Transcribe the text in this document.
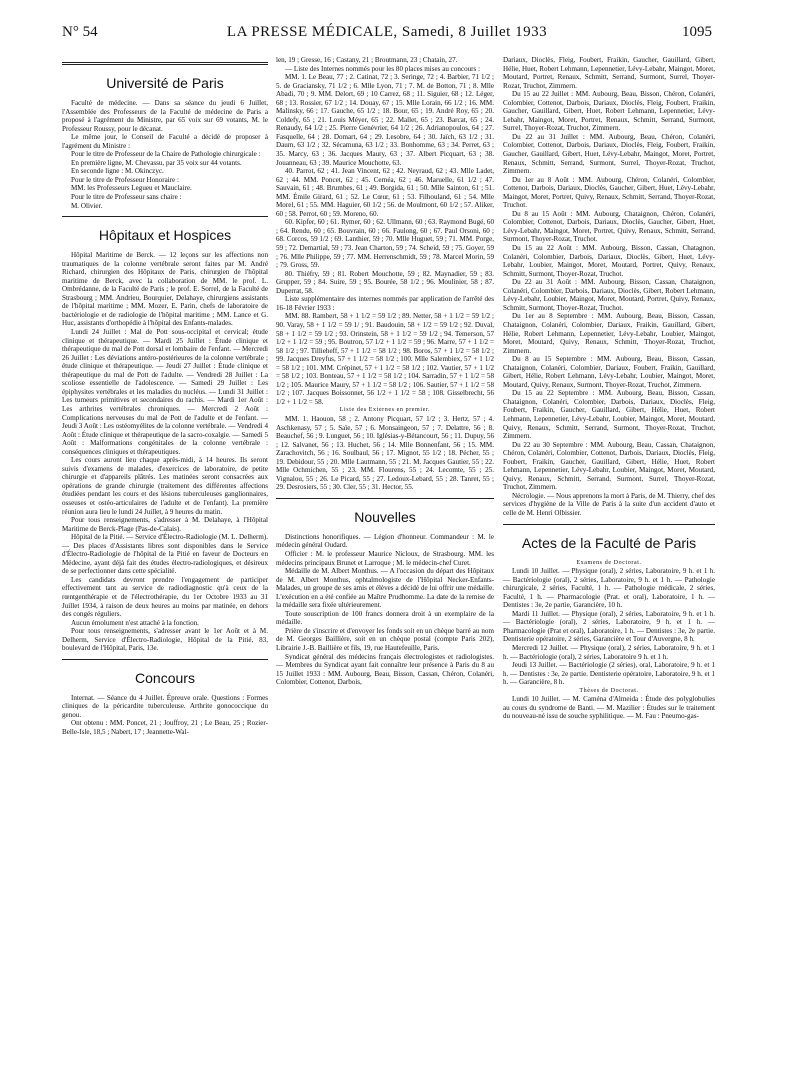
N° 54	LA PRESSE MÉDICALE, Samedi, 8 Juillet 1933	1095
Université de Paris

Faculté de médecine. — Dans sa séance du jeudi 6 Juillet, l'Assemblée des Professeurs de la Faculté de médecine de Paris a proposé à l'agrément du Ministre, par 65 voix sur 69 votants, M. le Professeur Roussy, pour le décanat.

Le même jour, le Conseil de Faculté a décidé de proposer à l'agrément du Ministre :

Pour le titre de Professeur de la Chaire de Pathologie chirurgicale :

En première ligne, M. Chevassu, par 35 voix sur 44 votants.

En seconde ligne : M. Okinczyc.

Pour le titre de Professeur Honoraire :

MM. les Professeurs Legueu et Mauclaire.

Pour le titre de Professeur sans chaire :

M. Olivier.

Hôpitaux et Hospices

Hôpital Maritime de Berck. — 12 leçons sur les affections non traumatiques de la colonne vertébrale seront faites par M. André Richard, chirurgien des Hôpitaux de Paris, chirurgien de l'hôpital maritime de Berck, avec la collaboration de MM. le prof. L. Ombrédanne, de la Faculté de Paris ; le prof. E. Sorrel, de la Faculté de Strasbourg ; MM. Andrieu, Bourquier, Delahaye, chirurgiens assistants de l'hôpital maritime ; MM. Mozer, E. Parin, chefs de laboratoire de bactériologie et de radiologie de l'hôpital maritime ; MM. Lance et G. Huc, assistants d'orthopédie à l'hôpital des Enfants-malades.

Lundi 24 Juillet : Mal de Pott sous-occipital et cervical; étude clinique et thérapeutique. — Mardi 25 Juillet : Étude clinique et thérapeutique du mal de Pott dorsal et lombaire de l'enfant. — Mercredi 26 Juillet : Les déviations antéro-postérieures de la colonne vertébrale ; étude clinique et thérapeutique. — Jeudi 27 Juillet : Étude clinique et thérapeutique du mal de Pott de l'adulte. — Vendredi 28 Juillet : La scoliose essentielle de l'adolescence. — Samedi 29 Juillet : Les épiphysites vertébrales et les maladies du nucléus. — Lundi 31 Juillet : Les tumeurs primitives et secondaires du rachis. — Mardi 1er Août : Les arthrites vertébrales chroniques. — Mercredi 2 Août : Complications nerveuses du mal de Pott de l'adulte et de l'enfant. — Jeudi 3 Août : Les ostéomyélites de la colonne vertébrale. — Vendredi 4 Août : Étude clinique et thérapeutique de la sacro-coxalgie. — Samedi 5 Août : Malformations congénitales de la colonne vertébrale : conséquences cliniques et thérapeutiques.

Les cours auront lieu chaque après-midi, à 14 heures. Ils seront suivis d'examens de malades, d'exercices de laboratoire, de petite chirurgie et d'appareils plâtrés. Les matinées seront consacrées aux opérations de grande chirurgie (traitement des différentes affections étudiées pendant les cours et des lésions tuberculeuses ganglionnaires, osseuses et ostéo-articulaires de l'adulte et de l'enfant). La première réunion aura lieu le lundi 24 Juillet, à 9 heures du matin.

Pour tous renseignements, s'adresser à M. Delahaye, à l'Hôpital Maritime de Berck-Plage (Pas-de-Calais).

Hôpital de la Pitié. — Service d'Électro-Radiologie (M. L. Delherm). — Des places d'Assistants libres sont disponibles dans le Service d'Électro-Radiologie de l'hôpital de la Pitié en faveur de Docteurs en Médecine, ayant déjà fait des études électro-radiologiques, et désireux de se perfectionner dans cette spécialité.

Les candidats devront prendre l'engagement de participer effectivement tant au service de radiodiagnostic qu'à ceux de la rœntgenthérapie et de l'électrothérapie, du 1er Octobre 1933 au 31 Juillet 1934, à raison de deux heures au moins par matinée, en dehors des congés réguliers.

Aucun émolument n'est attaché à la fonction.

Pour tous renseignements, s'adresser avant le 1er Août et à M. Delherm, Service d'Électro-Radiologie, Hôpital de la Pitié, 83, boulevard de l'Hôpital, Paris, 13e.

Concours

Internat. — Séance du 4 Juillet. Épreuve orale. Questions : Formes cliniques de la péricardite tuberculeuse. Arthrite gonococcique du genou.

Ont obtenu : MM. Poncet, 21 ; Jouffroy, 21 ; Le Beau, 25 ; Rozier-Belle-Isle, 18,5 ; Nabert, 17 ; Jeannette-Wal-

len, 19 ; Gresse, 16 ; Castany, 21 ; Broutmann, 23 ; Chatain, 27.

— Liste des Internes nommés pour les 80 places mises au concours :

MM. 1. Le Beau, 77 ; 2. Catinat, 72 ; 3. Seringe, 72 ; 4. Barbier, 71 1/2 ; 5. de Graciansky, 71 1/2 ; 6. Mlle Lyon, 71 ; 7. M. de Botton, 71 ; 8. Mlle Abadi, 70 ; 9. MM. Delort, 69 ; 10 Carrez, 68 ; 11. Siguier, 68 ; 12. Léger, 68 ; 13. Rossier, 67 1/2 ; 14. Douay, 67 ; 15. Mlle Lorain, 66 1/2 ; 16. MM. Malinsky, 66 ; 17. Gauche, 65 1/2 ; 18. Bour, 65 ; 19. André Roy, 65 ; 20. Coldefy, 65 ; 21. Louis Méyer, 65 ; 22. Mallet, 65 ; 23. Barcat, 65 ; 24. Renaudy, 64 1/2 ; 25. Pierre Genévrier, 64 1/2 ; 26. Adrianopoulos, 64 ; 27. Fasquelle, 64 ; 28. Domart, 64 ; 29. Lesobre, 64 ; 30. Jaïch, 63 1/2 ; 31. Daum, 63 1/2 ; 32. Sécamuna, 63 1/2 ; 33. Bonhomme, 63 ; 34. Perret, 63 ; 35. Marcy, 63 ; 36. Jacques Maury, 63 ; 37. Albert Picquart, 63 ; 38. Jouanneau, 63 ; 39. Maurice Mouchotte, 63.

40. Parrot, 62 ; 41. Jean Vincent, 62 ; 42. Neyraud, 62 ; 43. Mlle Ladet, 62 ; 44. MM. Poncet, 62 ; 45. Cernéa, 62 ; 46. Maruelle, 61 1/2 ; 47. Sauvain, 61 ; 48. Brumbes, 61 ; 49. Borgida, 61 ; 50. Mlle Sainton, 61 ; 51. MM. Émile Girard, 61 ; 52. Le Cœur, 61 ; 53. Filhouland, 61 ; 54. Mlle Morel, 61 ; 55. MM. Haguier, 60 1/2 ; 56. de Moulmont, 60 1/2 ; 57. Aliker, 60 ; 58. Perrot, 60 ; 59. Moreno, 60.

60. Kipfer, 60 ; 61. Rymer, 60 ; 62. Ullmann, 60 ; 63. Raymond Bugé, 60 ; 64. Rendu, 60 ; 65. Bouvrain, 60 ; 66. Faulong, 60 ; 67. Paul Orsoni, 60 ; 68. Corcos, 59 1/2 ; 69. Lanthier, 59 ; 70. Mlle Huguet, 59 ; 71. MM. Porge, 59 ; 72. Demartial, 59 ; 73. Jean Charton, 59 ; 74. Scheid, 59 ; 75. Goyer, 59 ; 76. Mlle Philippe, 59 ; 77. MM. Herrenschmidt, 59 ; 78. Marcel Morin, 59 ; 79. Gross, 59.

80. Thiéfry, 59 ; 81. Robert Mouchotte, 59 ; 82. Maynadier, 59 ; 83. Grupper, 59 ; 84. Suire, 59 ; 95. Bourée, 58 1/2 ; 96. Moulinier, 58 ; 87. Duperrat, 58.

Liste supplémentaire des internes nommés par application de l'arrêté des 16-18 Février 1933 :

MM. 88. Rambert, 58 + 1 1/2 = 59 1/2 ; 89. Netter, 58 + 1 1/2 = 59 1/2 ; 90. Varay, 58 + 1 1/2 = 59 1/ ; 91. Baudouin, 58 + 1/2 = 59 1/2 ; 92. Duval, 58 + 1 1/2 = 59 1/2 ; 93. Orinstein, 58 + 1 1/2 = 59 1/2 ; 94. Temerson, 57 1/2 + 1 1/2 = 59 ; 95. Boutron, 57 1/2 + 1 1/2 = 59 ; 96. Marre, 57 + 1 1/2 = 58 1/2 ; 97. Tillieheff, 57 + 1 1/2 = 58 1/2 ; 98. Boros, 57 + 1 1/2 = 58 1/2 ; 99. Jacques Dreyfus, 57 + 1 1/2 = 58 1/2 ; 100. Mlle Salembiex, 57 + 1 1/2 = 58 1/2 ; 101. MM. Crépinet, 57 + 1 1/2 = 58 1/2 ; 102. Vautier, 57 + 1 1/2 = 58 1/2 ; 103. Bonteau, 57 + 1 1/2 = 58 1/2 ; 104. Sarradin, 57 + 1 1/2 = 58 1/2 ; 105. Maurice Maury, 57 + 1 1/2 = 58 1/2 ; 106. Sautier, 57 + 1 1/2 = 58 1/2 ; 107. Jacques Boissonnet, 56 1/2 + 1 1/2 = 58 ; 108. Gisselbrecht, 56 1/2 + 1 1/2 = 58.

Liste des Externes en premier.

MM. 1. Haouon, 58 ; 2. Antony Picquart, 57 1/2 ; 3. Hertz, 57 ; 4. Aschkenasy, 57 ; 5. Saïe, 57 ; 6. Monsaingeon, 57 ; 7. Delattre, 56 ; 8. Beauchef, 56 ; 9. Lunguet, 56 ; 10. Iglésias-y-Bétancourt, 56 ; 11. Dupuy, 56 ; 12. Salvanet, 56 ; 13. Huchet, 56 ; 14. Mlle Bonnenfant, 56 ; 15. MM. Zarachovitch, 56 ; 16. Soulbaul, 56 ; 17. Mignot, 55 1/2 ; 18. Pécher, 55 ; 19. Debidour, 55 ; 20. Mlle Lautmann, 55 ; 21. M. Jacques Gautier, 55 ; 22. Mlle Ochmichen, 55 ; 23. MM. Flourens, 55 ; 24. Lecomte, 55 ; 25. Vignalou, 55 ; 26. Le Picard, 55 ; 27. Ledoux-Lebard, 55 ; 28. Tanret, 55 ; 29. Desrosiers, 55 ; 30. Cler, 55 ; 31. Hector, 55.

Nouvelles

Distinctions honorifiques. — Légion d'honneur. Commandeur : M. le médecin général Oudard.

Officier : M. le professeur Maurice Nicloux, de Strasbourg. MM. les médecins principaux Brunet et Larroque ; M. le médecin-chef Curet.

Médaille de M. Albert Monthus. — A l'occasion du départ des Hôpitaux de M. Albert Monthus, ophtalmologiste de l'Hôpital Necker-Enfants-Malades, un groupe de ses amis et élèves a décidé de lui offrir une médaille. L'exécution en a été confiée au Maître Prudhomme. La date de la remise de la médaille sera fixée ultérieurement.

Toute souscription de 100 francs donnera droit à un exemplaire de la médaille.

Prière de s'inscrire et d'envoyer les fonds soit en un chèque barré au nom de M. Georges Baillière, soit en un chèque postal (compte Paris 202), Librairie J.-B. Baillière et fils, 19, rue Hautefeuille, Paris.

Syndicat général des médecins français électrologistes et radiologistes. — Membres du Syndicat ayant fait connaître leur présence à Paris du 8 au 15 Juillet 1933 : MM. Aubourg, Beau, Bisson, Cassan, Chéron, Colanéri, Colombier, Cottenot, Darbois,

Dariaux, Dioclès, Fleig, Foubert, Fraikin, Gaucher, Gauillard, Gibert, Hélie, Huet, Robert Lehmann, Lepennetier, Lévy-Lebahr, Maingot, Moret, Moutard, Portret, Renaux, Schmitt, Serrand, Surmont, Surrel, Thoyer-Rozat, Truchot, Zimmern.

Du 15 au 22 Juillet : MM. Aubourg, Beau, Bisson, Chéron, Colanéri, Colombier, Cottenot, Darbois, Dariaux, Dioclès, Fleig, Foubert, Fraikin, Gaucher, Gauillard, Gibert, Huet, Robert Lehmann, Lepennetier, Lévy-Lebahr, Maingot, Moret, Portret, Renaux, Schmitt, Serrand, Surmont, Surrel, Thoyer-Rozat, Truchot, Zimmern.

Du 22 au 31 Juillet : MM. Aubourg, Beau, Chéron, Colanéri, Colombier, Cottenot, Darbois, Dariaux, Dioclès, Fleig, Foubert, Fraikin, Gaucher, Gauillard, Gibert, Huet, Lévy-Lebahr, Maingot, Moret, Portret, Renaux, Schmitt, Serrand, Surmont, Surrel, Thoyer-Rozat, Truchot, Zimmern.

Du 1er au 8 Août : MM. Aubourg, Chéron, Colanéri, Colombier, Cottenot, Darbois, Dariaux, Dioclès, Gaucher, Gibert, Huet, Lévy-Lebahr, Maingot, Moret, Portret, Quivy, Renaux, Schmitt, Serrand, Thoyer-Rozat, Truchot.

Du 8 au 15 Août : MM. Aubourg, Chataignon, Chéron, Colanéri, Colombier, Cottenot, Darbois, Dariaux, Dioclès, Gaucher, Gibert, Huet, Lévy-Lebahr, Maingot, Moret, Portret, Quivy, Renaux, Schmitt, Serrand, Surmont, Thoyer-Rozat, Truchot.

Du 15 au 22 Août : MM. Aubourg, Bisson, Cassan, Chatagnon, Colanéri, Colombier, Darbois, Dariaux, Dioclès, Gibert, Huet, Lévy-Lebahr, Loubier, Maingot, Moret, Moutard, Portret, Quivy, Renaux, Schmitt, Surmont, Thoyer-Rozat, Truchot.

Du 22 au 31 Août : MM. Aubourg, Bisson, Cassan, Chataignon, Colanéri, Colombier, Darbois, Dariaux, Dioclès, Gibert, Robert Lehmann, Lévy-Lebahr, Loubier, Maingot, Moret, Moutard, Portret, Quivy, Renaux, Schmitt, Surmont, Thoyer-Rozat, Truchot.

Du 1er au 8 Septembre : MM. Aubourg, Beau, Bisson, Cassan, Chataignon, Colanéri, Colombier, Dariaux, Fraikin, Gauillard, Gibert, Hélie, Robert Lehmann, Lepennetier, Lévy-Lebahr, Loubier, Maingot, Moret, Moutard, Quivy, Renaux, Schmitt, Thoyer-Rozat, Truchot, Zimmern.

Du 8 au 15 Septembre : MM. Aubourg, Beau, Bisson, Cassan, Chataignon, Colanéri, Colombier, Dariaux, Foubert, Fraikin, Gauillard, Gibert, Hélie, Robert Lehmann, Lévy-Lebahr, Loubier, Maingot, Moret, Moutard, Quivy, Renaux, Surmont, Thoyer-Rozat, Truchot, Zimmern.

Du 15 au 22 Septembre : MM. Aubourg, Beau, Bisson, Cassan, Chataignon, Colanéri, Colombier, Darbois, Dariaux, Dioclès, Fleig, Foubert, Fraikin, Gaucher, Gauillard, Gibert, Hélie, Huet, Robert Lehmann, Lepennetier, Lévy-Lebahr, Loubier, Maingot, Moret, Moutard, Quivy, Renaux, Schmitt, Serrand, Surmont, Thoyer-Rozat, Truchot, Zimmern.

Du 22 au 30 Septembre : MM. Aubourg, Beau, Cassan, Chataignon, Chéron, Colanéri, Colombier, Cottenot, Darbois, Dariaux, Dioclès, Fleig, Foubert, Fraikin, Gaucher, Gauillard, Gibert, Hélie, Huet, Robert Lehmann, Lepennetier, Lévy-Lebahr, Loubier, Maingot, Moret, Moutard, Quivy, Renaux, Schmitt, Serrand, Surmont, Surrel, Thoyer-Rozat, Truchot, Zimmern.

Nécrologie. — Nous apprenons la mort à Paris, de M. Thierry, chef des services d'hygiène de la Ville de Paris à la suite d'un accident d'auto et celle de M. Henri Olbissier.

Actes de la Faculté de Paris

Examens de Doctorat.

Lundi 10 Juillet. — Physique (oral), 2 séries, Laboratoire, 9 h. et 1 h. — Bactériologie (oral), 2 séries, Laboratoire, 9 h. et 1 h. — Pathologie chirurgicale, 2 séries, Faculté, 1 h. — Pathologie médicale, 2 séries, Faculté, 1 h. — Pharmacologie (Prat. et oral), Laboratoire, 1 h. — Dentistes : 3e, 2e partie, Garancière, 10 h.

Mardi 11 Juillet. — Physique (oral), 2 séries, Laboratoire, 9 h. et 1 h. — Bactériologie (oral), 2 séries, Laboratoire, 9 h. et 1 h. — Pharmacologie (Prat et oral), Laboratoire, 1 h. — Dentistes : 3e, 2e partie. Dentisterie opératoire, 2 séries, Garancière et Tour d'Auvergne, 8 h.

Mercredi 12 Juillet. — Physique (oral), 2 séries, Laboratoire, 9 h. et 1 h. — Bactériologie (oral), 2 séries, Laboratoire 9 h. et 1 h.

Jeudi 13 Juillet. — Bactériologie (2 séries), oral, Laboratoire, 9 h. et 1 h. — Dentistes : 3e, 2e partie. Dentisterie opératoire, Laboratoire, 9 h. et 1 h. — Garancière, 8 h.

Thèses de Doctorat.

Lundi 10 Juillet. — M. Caména d'Almeida : Étude des polyglobulies au cours du syndrome de Banti. — M. Mazilier : Études sur le traitement du nouveau-né issu de souche syphilitique. — M. Fau : Pneumo-gas-
